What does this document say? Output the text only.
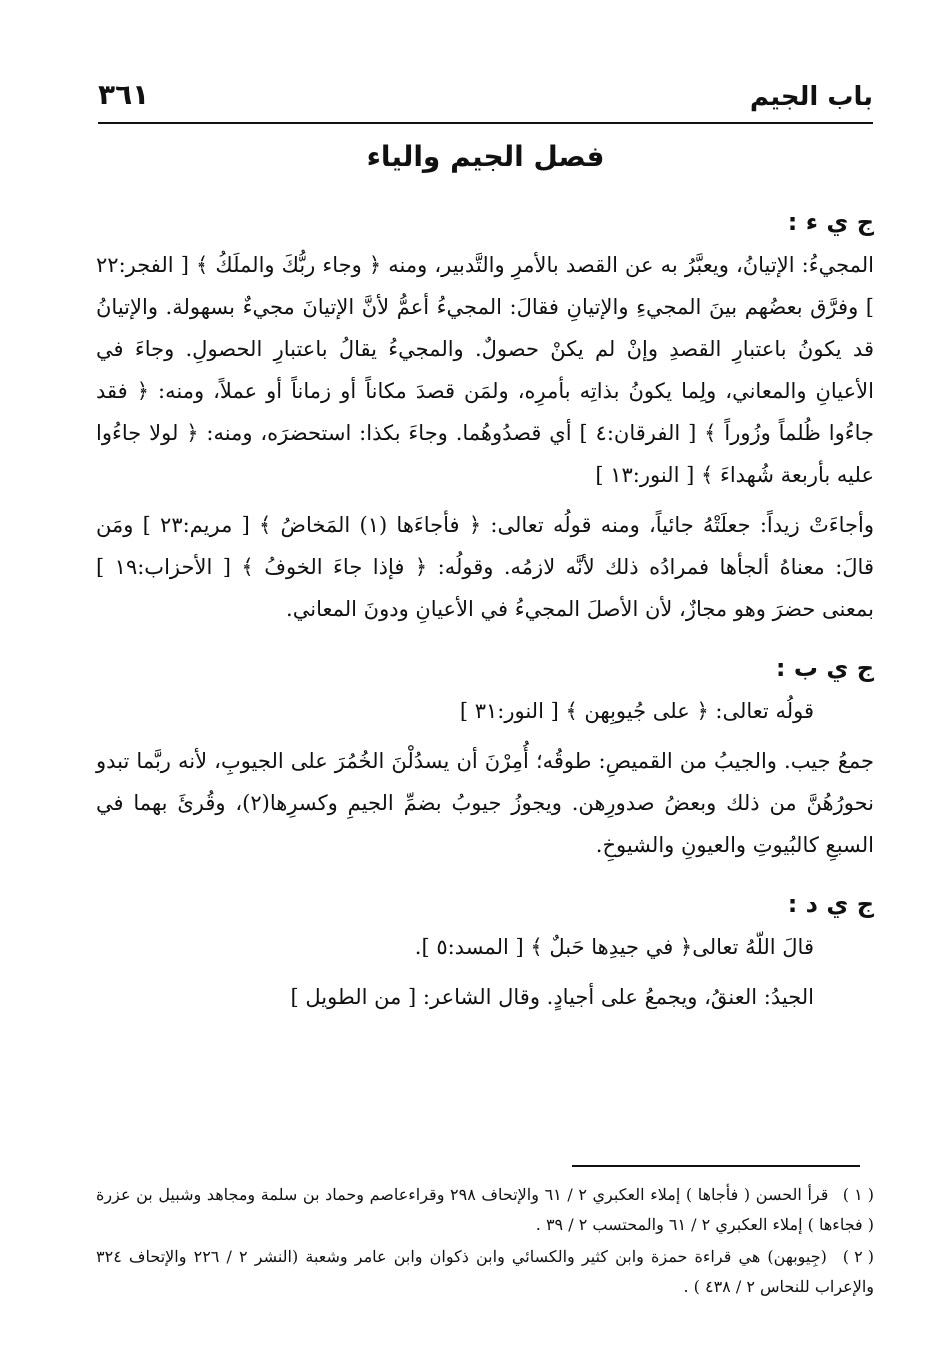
باب الجيم
٣٦١
فصل الجيم والياء

ج ي ء :

المجيءُ: الإتيانُ، ويعبَّرُ به عن القصد بالأمرِ والتَّدبير، ومنه ﴿ وجاء ربُّكَ والملَكُ ﴾ [ الفجر:٢٢ ] وفرَّق بعضُهم بينَ المجيءِ والإتيانِ فقالَ: المجيءُ أعمُّ لأنَّ الإتيانَ مجيءٌ بسهولة. والإتيانُ قد يكونُ باعتبارِ القصدِ وإنْ لم يكنْ حصولٌ. والمجيءُ يقالُ باعتبارِ الحصولِ. وجاءَ في الأعيانِ والمعاني، ولِما يكونُ بذاتِه بأمرِه، ولمَن قصدَ مكاناً أو زماناً أو عملاً، ومنه: ﴿ فقد جاءُوا ظُلماً وزُوراً ﴾ [ الفرقان:٤ ] أي قصدُوهُما. وجاءَ بكذا: استحضرَه، ومنه: ﴿ لولا جاءُوا عليه بأربعة شُهداءَ ﴾ [ النور:١٣ ]

وأجاءَتْ زيداً: جعلَتْهُ جائياً، ومنه قولُه تعالى: ﴿ فأجاءَها (١) المَخاضُ ﴾ [ مريم:٢٣ ] ومَن قالَ: معناهُ ألجأها فمرادُه ذلك لأنَّه لازمُه. وقولُه: ﴿ فإذا جاءَ الخوفُ ﴾ [ الأحزاب:١٩ ] بمعنى حضرَ وهو مجازٌ، لأن الأصلَ المجيءُ في الأعيانِ ودونَ المعاني.

ج ي ب :

قولُه تعالى: ﴿ على جُيوبِهن ﴾ [ النور:٣١ ]

جمعُ جيب. والجيبُ من القميصِ: طوقُه؛ أُمِرْنَ أن يسدُلْنَ الخُمُرَ على الجيوبِ، لأنه ربَّما تبدو نحورُهُنَّ من ذلك وبعضُ صدورِهن. ويجوزُ جيوبُ بضمِّ الجيمِ وكسرِها(٢)، وقُرئَ بهما في السبعِ كالبُيوتِ والعيونِ والشيوخِ.

ج ي د :

قالَ اللّهُ تعالى﴿ في جيدِها حَبلٌ ﴾ [ المسد:٥ ].

الجيدُ: العنقُ، ويجمعُ على أجيادٍ. وقال الشاعر: [ من الطويل ]

( ١ ) قرأ الحسن ( فأجاها ) إملاء العكبري ٢ / ٦١ والإتحاف ٢٩٨ وقراءعاصم وحماد بن سلمة ومجاهد وشبيل بن عزرة ( فجاءها ) إملاء العكبري ٢ / ٦١ والمحتسب ٢ / ٣٩ .

( ٢ ) (جِيوبهن) هي قراءة حمزة وابن كثير والكسائي وابن ذكوان وابن عامر وشعبة (النشر ٢ / ٢٢٦ والإتحاف ٣٢٤ والإعراب للنحاس ٢ / ٤٣٨ ) .
